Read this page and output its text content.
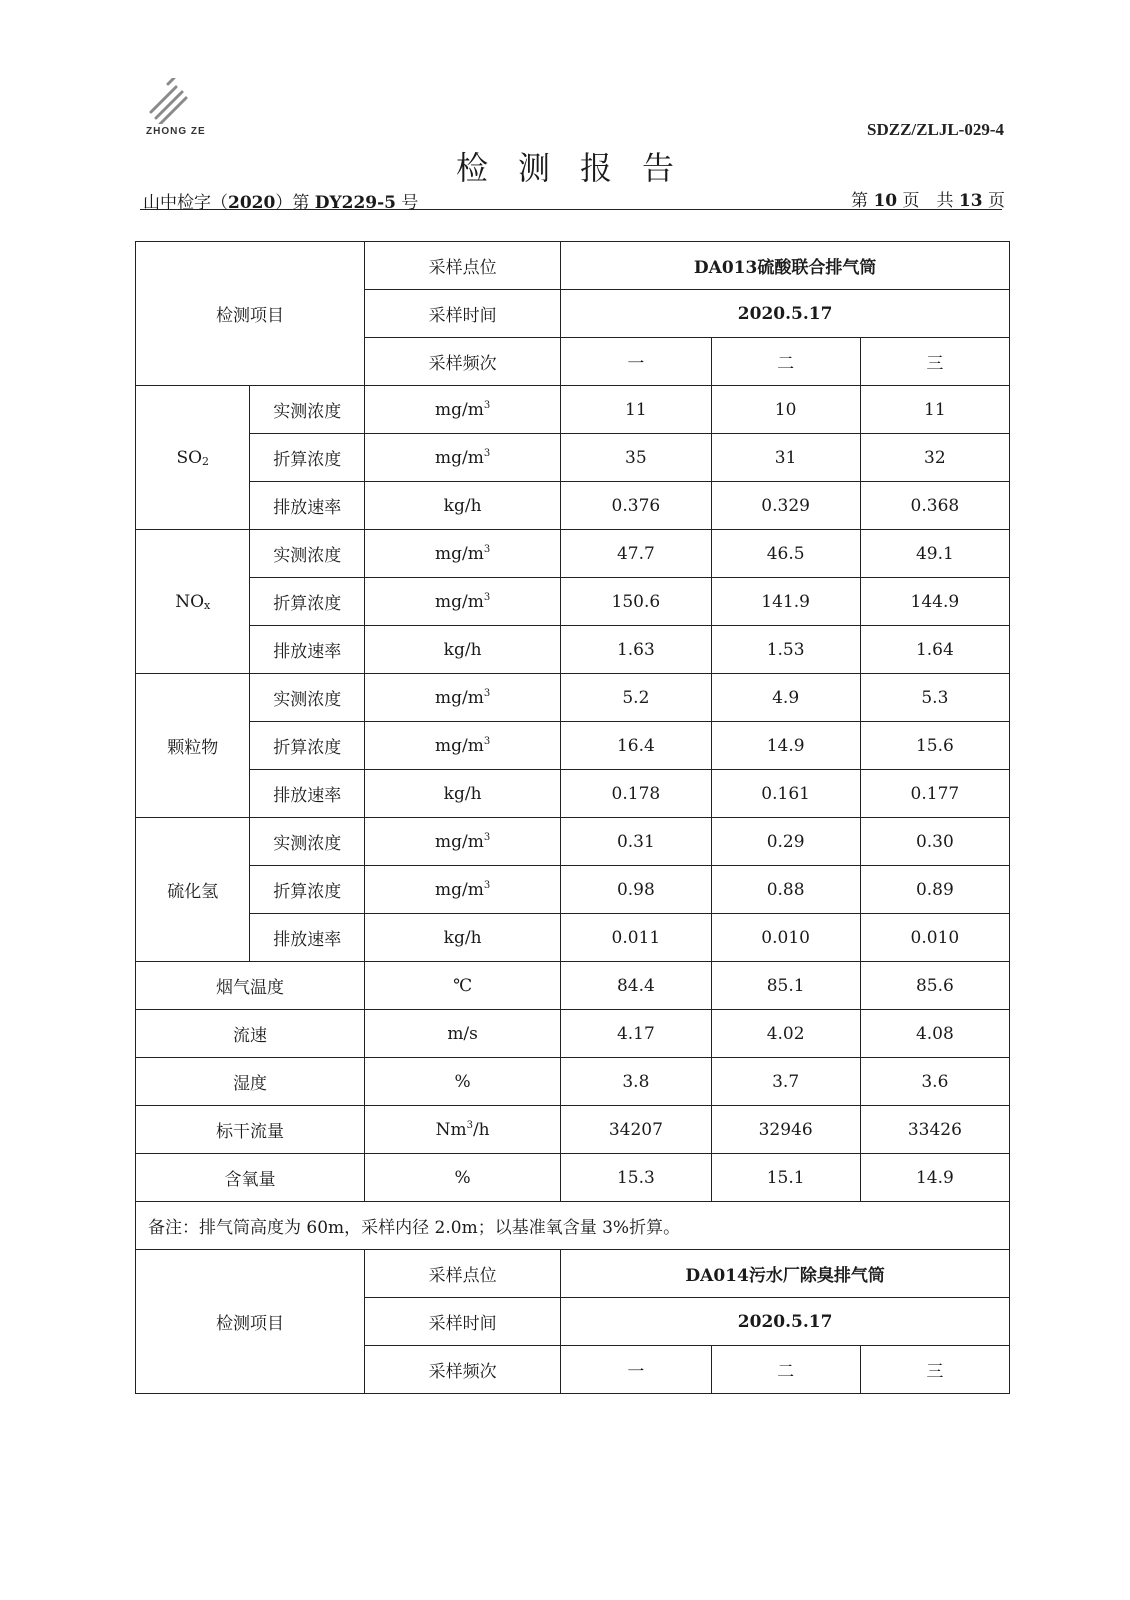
ZHONG ZE	SDZZ/ZLJL-029-4
检测报告
山中检字（2020）第 DY229-5 号	第 10 页　共 13 页
检测项目		采样点位	DA013硫酸联合排气筒		
		采样时间	2020.5.17		
		采样频次	一	二	三
SO2	实测浓度	$mg/m^3$	11	10	11
	折算浓度	$mg/m^3$	35	31	32
	排放速率	kg/h	0.376	0.329	0.368
NOx	实测浓度	$mg/m^3$	47.7	46.5	49.1
	折算浓度	$mg/m^3$	150.6	141.9	144.9
	排放速率	kg/h	1.63	1.53	1.64
颗粒物	实测浓度	$mg/m^3$	5.2	4.9	5.3
	折算浓度	$mg/m^3$	16.4	14.9	15.6
	排放速率	kg/h	0.178	0.161	0.177
硫化氢	实测浓度	$mg/m^3$	0.31	0.29	0.30
	折算浓度	$mg/m^3$	0.98	0.88	0.89
	排放速率	kg/h	0.011	0.010	0.010
烟气温度		℃	84.4	85.1	85.6
流速		m/s	4.17	4.02	4.08
湿度		%	3.8	3.7	3.6
标干流量		Nm$^3$/h	34207	32946	33426
含氧量		%	15.3	15.1	14.9
备注：排气筒高度为 60m，采样内径 2.0m；以基准氧含量 3%折算。					
检测项目		采样点位	DA014污水厂除臭排气筒		
		采样时间	2020.5.17		
		采样频次	一	二	三
